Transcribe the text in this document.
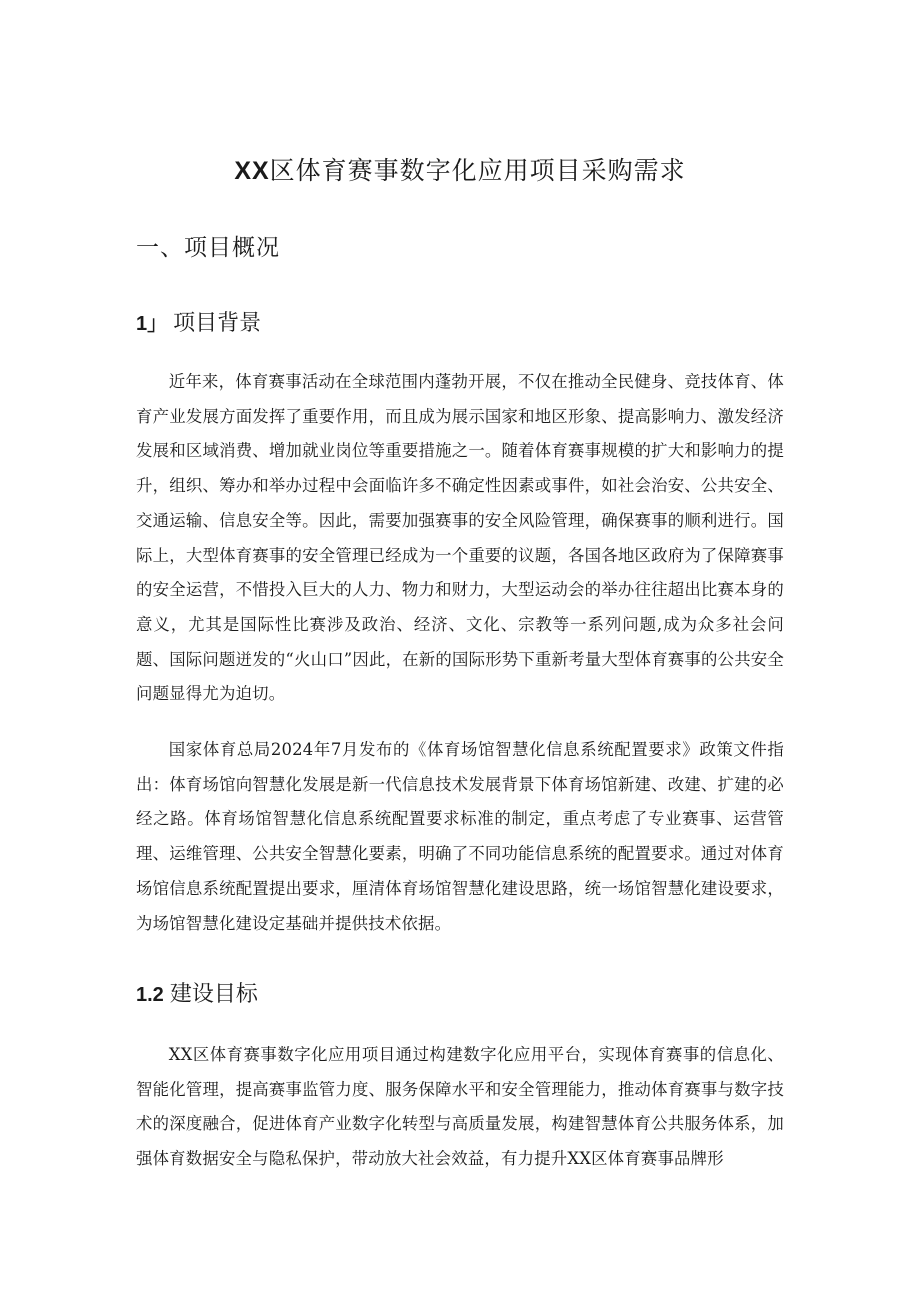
XX区体育赛事数字化应用项目采购需求
一、项目概况
1」 项目背景

近年来，体育赛事活动在全球范围内蓬勃开展，不仅在推动全民健身、竞技体育、体育产业发展方面发挥了重要作用，而且成为展示国家和地区形象、提高影响力、激发经济发展和区域消费、增加就业岗位等重要措施之一。随着体育赛事规模的扩大和影响力的提升，组织、筹办和举办过程中会面临许多不确定性因素或事件，如社会治安、公共安全、交通运输、信息安全等。因此，需要加强赛事的安全风险管理，确保赛事的顺利进行。国际上，大型体育赛事的安全管理已经成为一个重要的议题，各国各地区政府为了保障赛事的安全运营，不惜投入巨大的人力、物力和财力，大型运动会的举办往往超出比赛本身的意义，尤其是国际性比赛涉及政治、经济、文化、宗教等一系列问题,成为众多社会问题、国际问题迸发的“火山口”因此，在新的国际形势下重新考量大型体育赛事的公共安全问题显得尤为迫切。

国家体育总局2024年7月发布的《体育场馆智慧化信息系统配置要求》政策文件指出：体育场馆向智慧化发展是新一代信息技术发展背景下体育场馆新建、改建、扩建的必经之路。体育场馆智慧化信息系统配置要求标准的制定，重点考虑了专业赛事、运营管理、运维管理、公共安全智慧化要素，明确了不同功能信息系统的配置要求。通过对体育场馆信息系统配置提出要求，厘清体育场馆智慧化建设思路，统一场馆智慧化建设要求，为场馆智慧化建设定基础并提供技术依据。

1.2 建设目标

XX区体育赛事数字化应用项目通过构建数字化应用平台，实现体育赛事的信息化、智能化管理，提高赛事监管力度、服务保障水平和安全管理能力，推动体育赛事与数字技术的深度融合，促进体育产业数字化转型与高质量发展，构建智慧体育公共服务体系，加强体育数据安全与隐私保护，带动放大社会效益，有力提升XX区体育赛事品牌形
